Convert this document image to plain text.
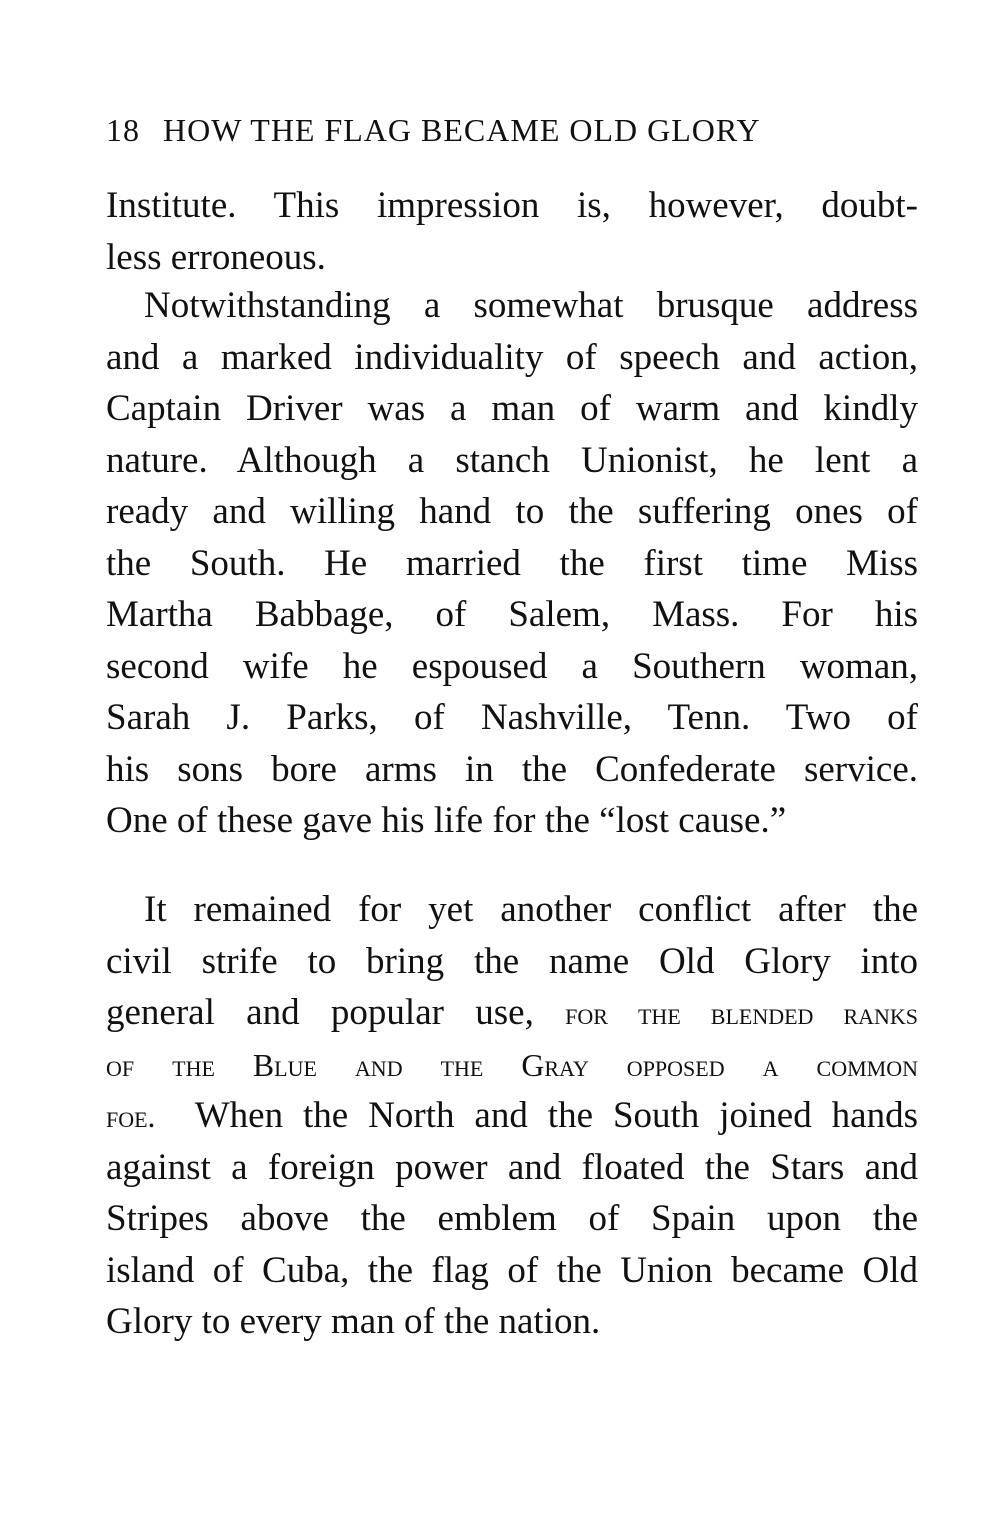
18 HOW THE FLAG BECAME OLD GLORY
Institute. This impression is, however, doubt-
less erroneous.
Notwithstanding a somewhat brusque address
and a marked individuality of speech and action,
Captain Driver was a man of warm and kindly
nature. Although a stanch Unionist, he lent a
ready and willing hand to the suffering ones of
the South. He married the first time Miss
Martha Babbage, of Salem, Mass. For his
second wife he espoused a Southern woman,
Sarah J. Parks, of Nashville, Tenn. Two of
his sons bore arms in the Confederate service.
One of these gave his life for the “lost cause.”
It remained for yet another conflict after the
civil strife to bring the name Old Glory into
general and popular use, for the blended ranks
of the Blue and the Gray opposed a common
foe. When the North and the South joined hands
against a foreign power and floated the Stars and
Stripes above the emblem of Spain upon the
island of Cuba, the flag of the Union became Old
Glory to every man of the nation.
